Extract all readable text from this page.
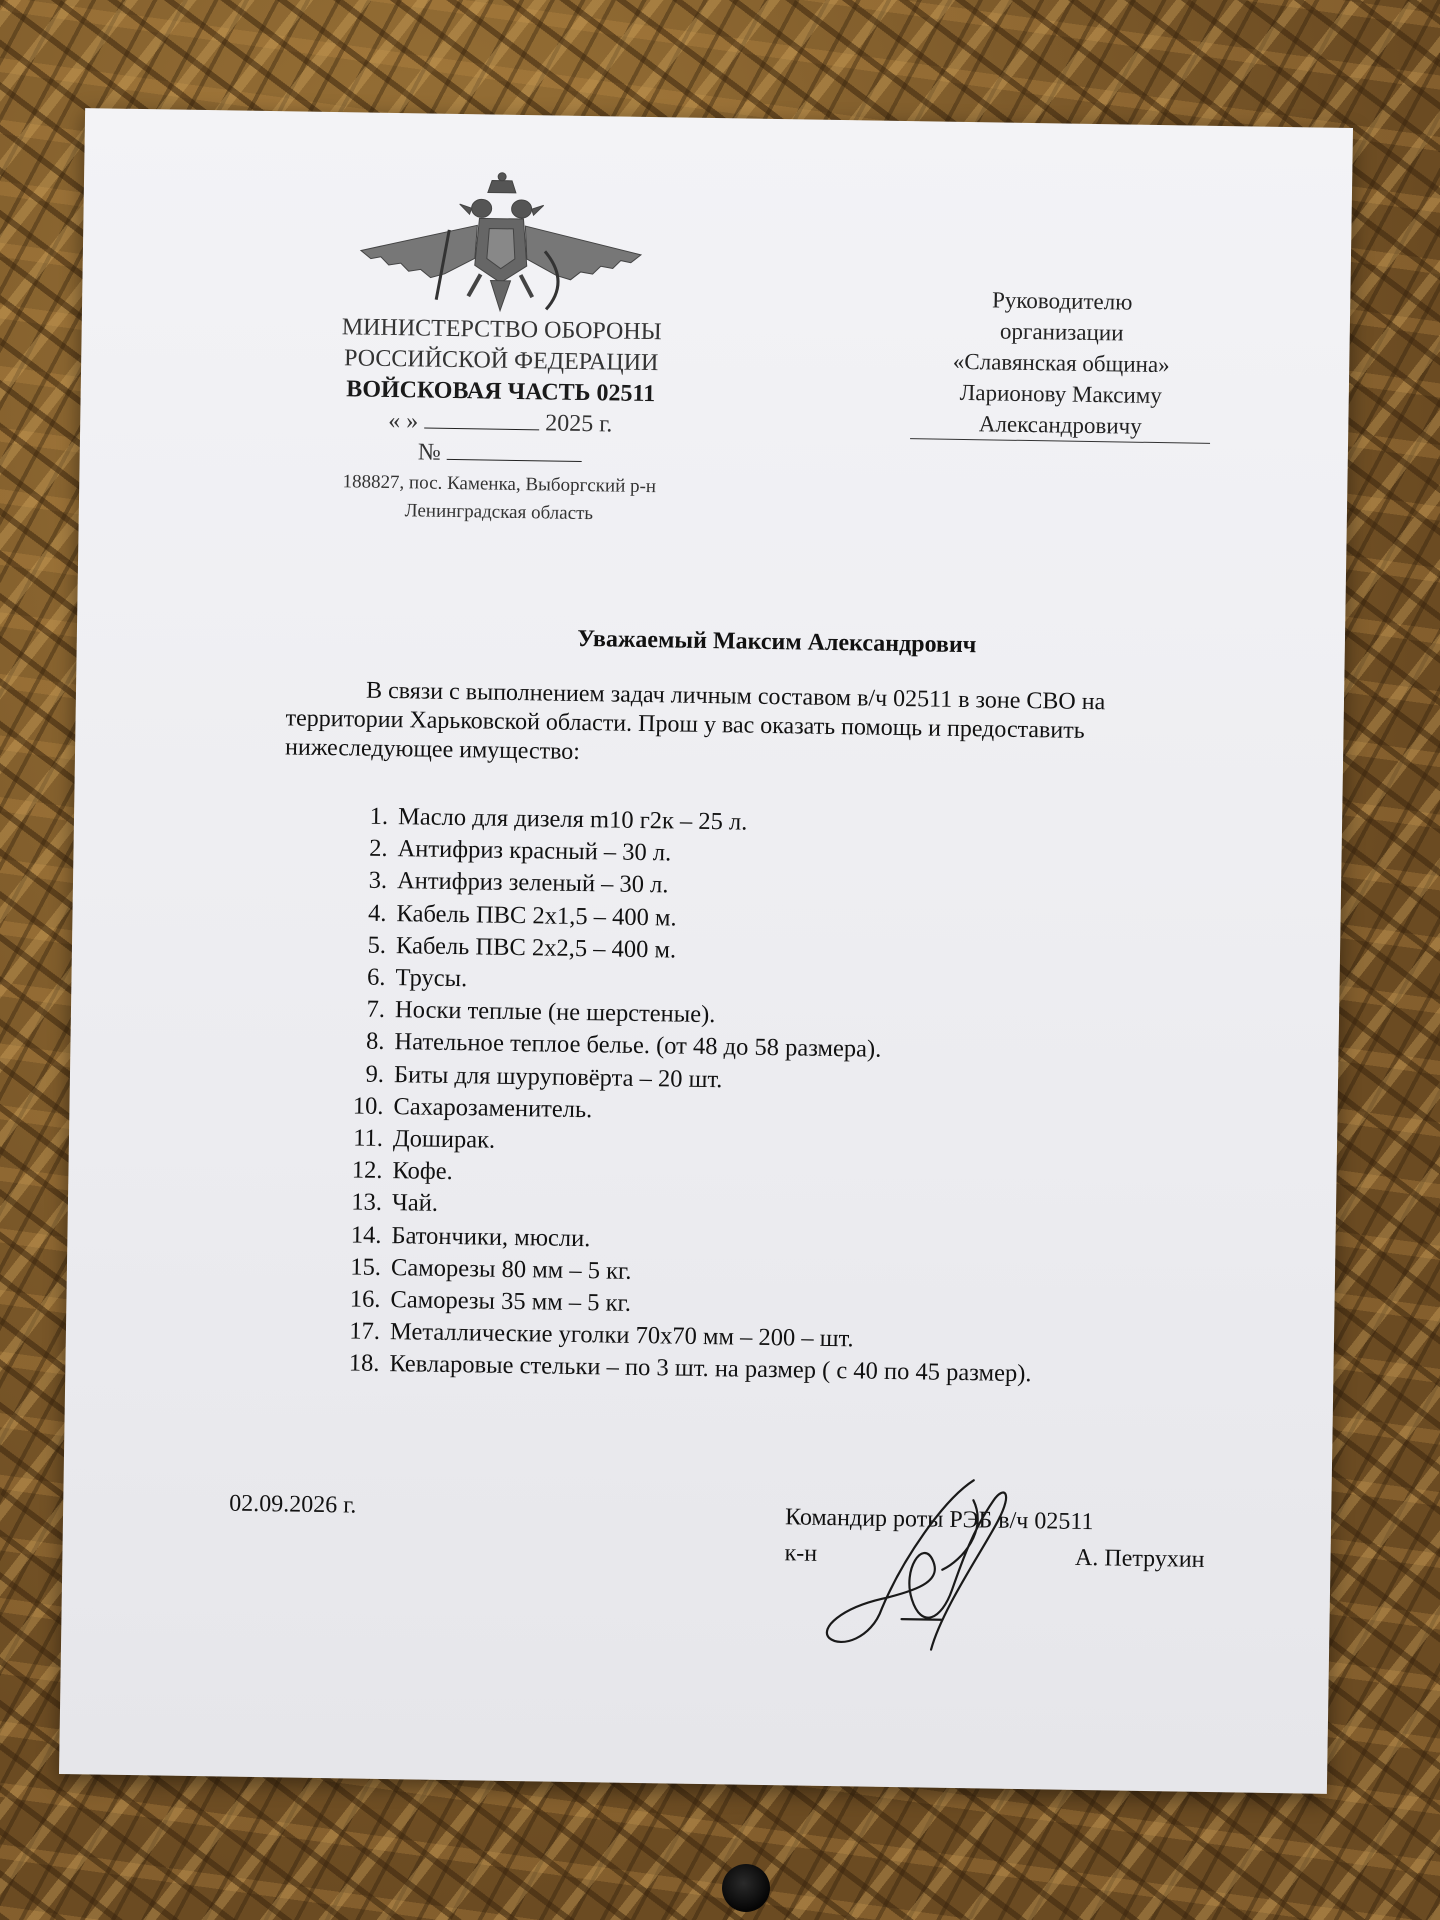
МИНИСТЕРСТВО ОБОРОНЫ
РОССИЙСКОЙ ФЕДЕРАЦИИ
ВОЙСКОВАЯ ЧАСТЬ 02511
« »	2025 г.
№
188827, пос. Каменка, Выборгский р-н
Ленинградская область
Руководителю
организации
«Славянская община»
Ларионову Максиму
Александровичу
Уважаемый Максим Александрович
В связи с выполнением задач личным составом в/ч 02511 в зоне СВО на территории Харьковской области. Прош у вас оказать помощь и предоставить нижеследующее имущество:
1. Масло для дизеля m10 г2к – 25 л.
2. Антифриз красный – 30 л.
3. Антифриз зеленый – 30 л.
4. Кабель ПВС 2х1,5 – 400 м.
5. Кабель ПВС 2х2,5 – 400 м.
6. Трусы.
7. Носки теплые (не шерстеные).
8. Нательное теплое белье. (от 48 до 58 размера).
9. Биты для шуруповёрта – 20 шт.
10. Сахарозаменитель.
11. Доширак.
12. Кофе.
13. Чай.
14. Батончики, мюсли.
15. Саморезы 80 мм – 5 кг.
16. Саморезы 35 мм – 5 кг.
17. Металлические уголки 70х70 мм – 200 – шт.
18. Кевларовые стельки – по 3 шт. на размер ( с 40 по 45 размер).
02.09.2026 г.	Командир роты РЭБ в/ч 02511
к-н	А. Петрухин
